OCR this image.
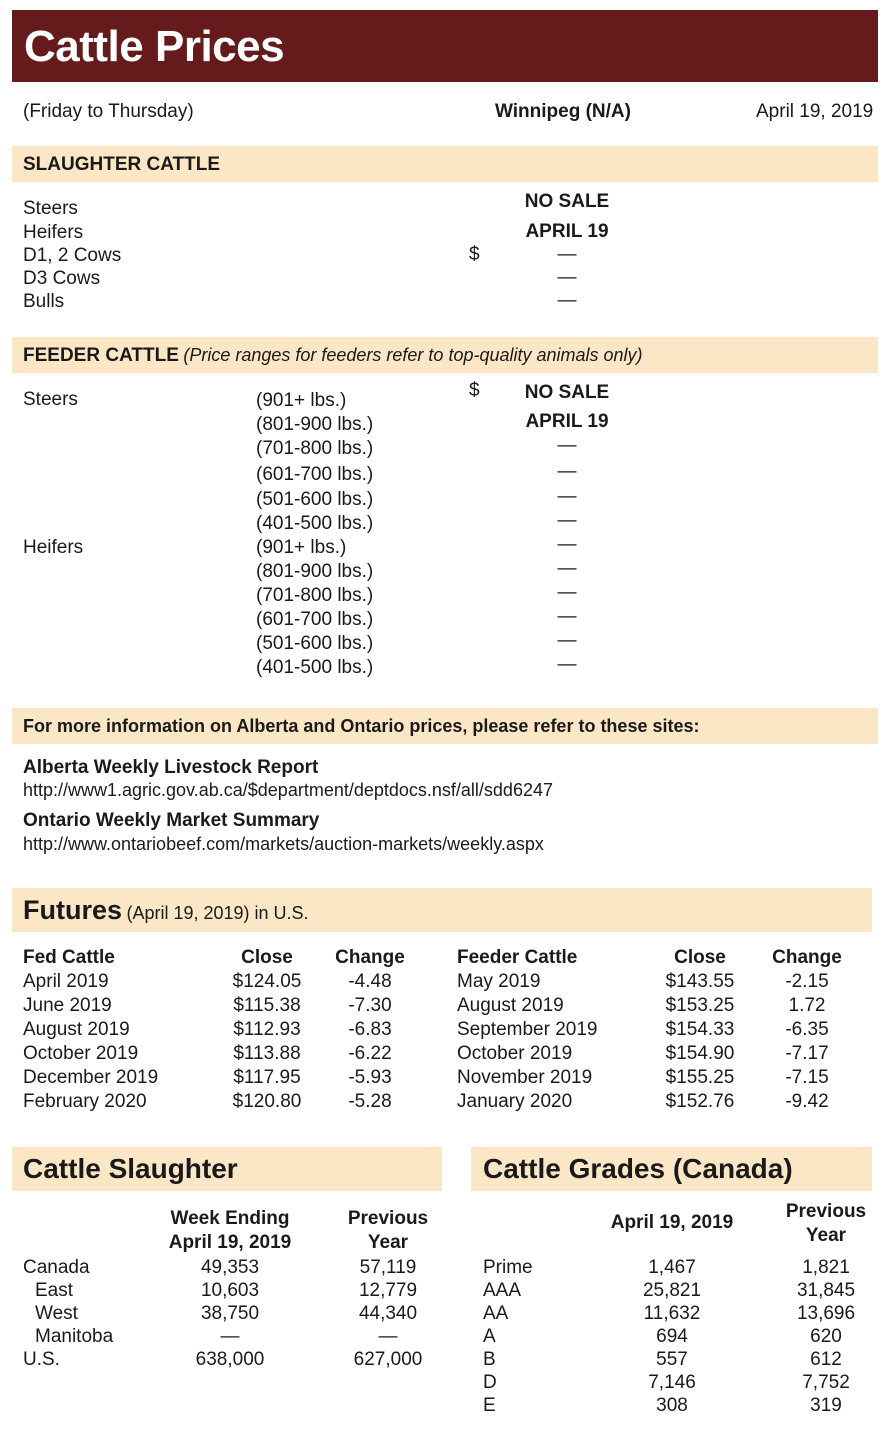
Cattle Prices
(Friday to Thursday)	Winnipeg (N/A)	April 19, 2019
SLAUGHTER CATTLE
Steers
Heifers
D1, 2 Cows
D3 Cows
Bulls
$
NO SALE
APRIL 19
—
—
—
FEEDER CATTLE (Price ranges for feeders refer to top-quality animals only)
Steers
Heifers
$
(901+ lbs.)
(801-900 lbs.)
(701-800 lbs.)
(601-700 lbs.)
(501-600 lbs.)
(401-500 lbs.)
(901+ lbs.)
(801-900 lbs.)
(701-800 lbs.)
(601-700 lbs.)
(501-600 lbs.)
(401-500 lbs.)
NO SALE
APRIL 19
—
—
—
—
—
—
—
—
—
—
For more information on Alberta and Ontario prices, please refer to these sites:
Alberta Weekly Livestock Report
http://www1.agric.gov.ab.ca/$department/deptdocs.nsf/all/sdd6247
Ontario Weekly Market Summary
http://www.ontariobeef.com/markets/auction-markets/weekly.aspx
Futures (April 19, 2019) in U.S.
Fed Cattle
April 2019
June 2019
August 2019
October 2019
December 2019
February 2020
Close
$124.05
$115.38
$112.93
$113.88
$117.95
$120.80
Change
-4.48
-7.30
-6.83
-6.22
-5.93
-5.28
Feeder Cattle
May 2019
August 2019
September 2019
October 2019
November 2019
January 2020
Close
$143.55
$153.25
$154.33
$154.90
$155.25
$152.76
Change
-2.15
1.72
-6.35
-7.17
-7.15
-9.42
Cattle Slaughter
Week Ending
April 19, 2019
Previous
Year
Canada
East
West
Manitoba
U.S.
49,353
10,603
38,750
—
638,000
57,119
12,779
44,340
—
627,000
Cattle Grades (Canada)
April 19, 2019
Previous
Year
Prime
AAA
AA
A
B
D
E
1,467
25,821
11,632
694
557
7,146
308
1,821
31,845
13,696
620
612
7,752
319
